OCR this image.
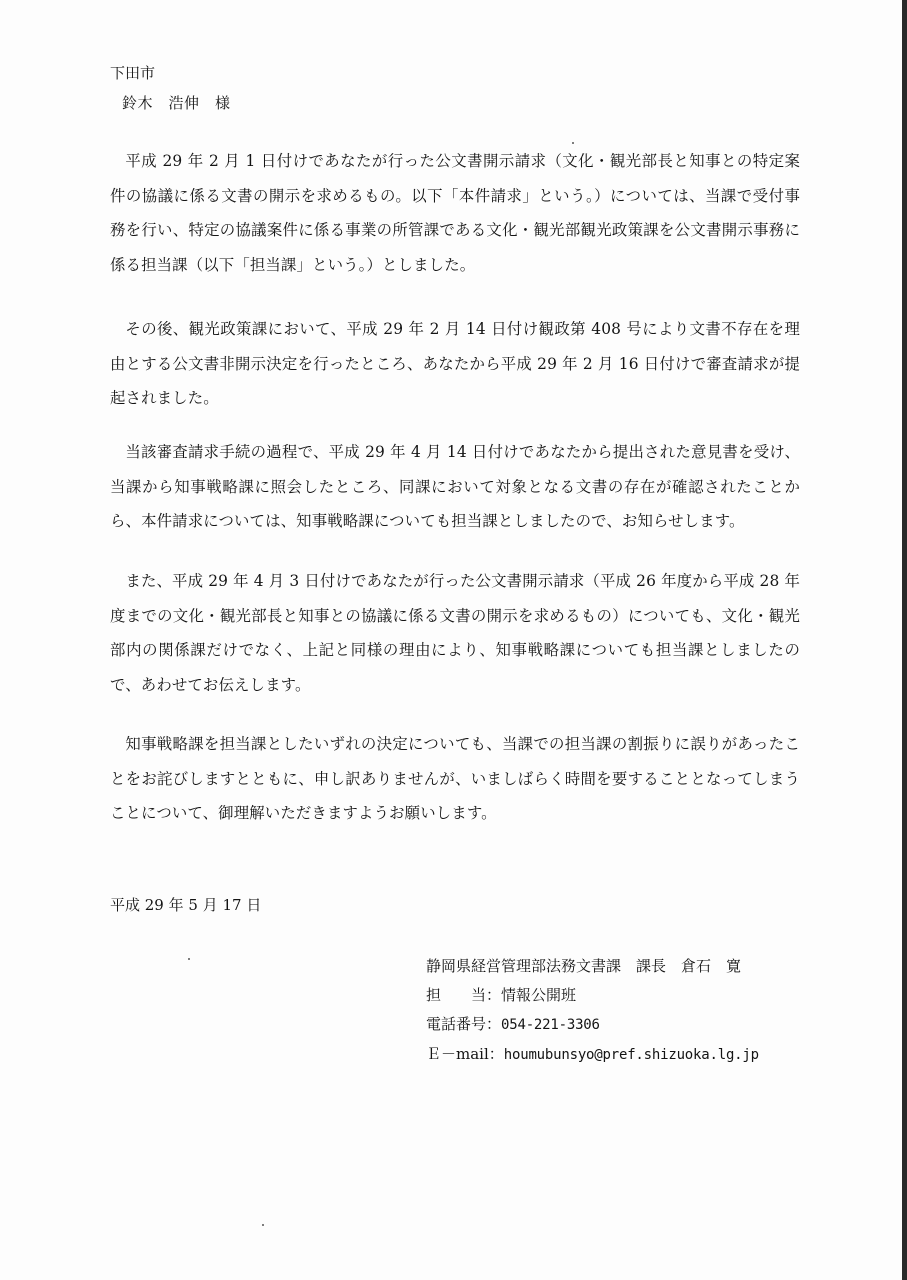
下田市
鈴木　浩伸　様

平成 29 年 2 月 1 日付けであなたが行った公文書開示請求（文化・観光部長と知事との特定案件の協議に係る文書の開示を求めるもの。以下「本件請求」という。）については、当課で受付事務を行い、特定の協議案件に係る事業の所管課である文化・観光部観光政策課を公文書開示事務に係る担当課（以下「担当課」という。）としました。

その後、観光政策課において、平成 29 年 2 月 14 日付け観政第 408 号により文書不存在を理由とする公文書非開示決定を行ったところ、あなたから平成 29 年 2 月 16 日付けで審査請求が提起されました。

当該審査請求手続の過程で、平成 29 年 4 月 14 日付けであなたから提出された意見書を受け、当課から知事戦略課に照会したところ、同課において対象となる文書の存在が確認されたことから、本件請求については、知事戦略課についても担当課としましたので、お知らせします。

また、平成 29 年 4 月 3 日付けであなたが行った公文書開示請求（平成 26 年度から平成 28 年度までの文化・観光部長と知事との協議に係る文書の開示を求めるもの）についても、文化・観光部内の関係課だけでなく、上記と同様の理由により、知事戦略課についても担当課としましたので、あわせてお伝えします。

知事戦略課を担当課としたいずれの決定についても、当課での担当課の割振りに誤りがあったことをお詫びしますとともに、申し訳ありませんが、いましばらく時間を要することとなってしまうことについて、御理解いただきますようお願いします。

平成 29 年 5 月 17 日
静岡県経営管理部法務文書課　課長　倉石　寛
担　　当：情報公開班
電話番号：054-221-3306
Ｅ－mail：houmubunsyo@pref.shizuoka.lg.jp
